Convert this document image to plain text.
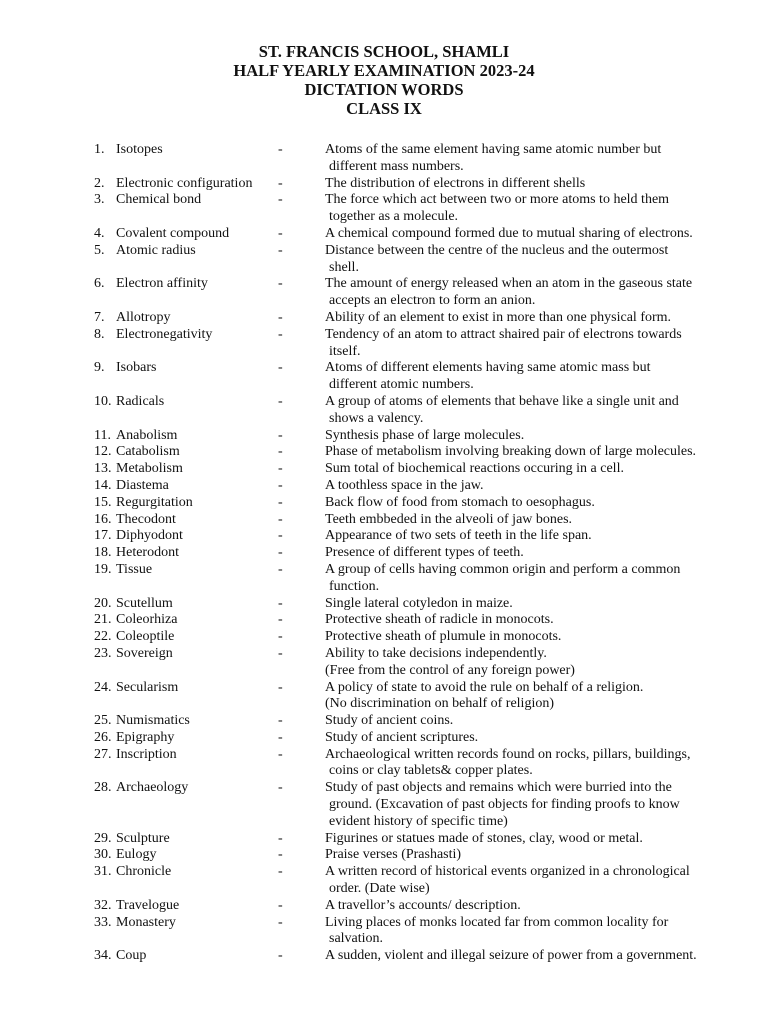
ST. FRANCIS SCHOOL, SHAMLI
HALF YEARLY EXAMINATION 2023-24
DICTATION WORDS
CLASS IX
1. Isotopes	-	Atoms of the same element having same atomic number but
different mass numbers.
2. Electronic configuration -	The distribution of electrons in different shells
3. Chemical bond	-	The force which act between two or more atoms to held them
together as a molecule.
4. Covalent compound	-	A chemical compound formed due to mutual sharing of electrons.
5. Atomic radius	-	Distance between the centre of the nucleus and the outermost
shell.
6. Electron affinity	-	The amount of energy released when an atom in the gaseous state
accepts an electron to form an anion.
7. Allotropy	-	Ability of an element to exist in more than one physical form.
8. Electronegativity	-	Tendency of an atom to attract shaired pair of electrons towards
itself.
9. Isobars	-	Atoms of different elements having same atomic mass but
different atomic numbers.
10. Radicals	-	A group of atoms of elements that behave like a single unit and
shows a valency.
11. Anabolism	-	Synthesis phase of large molecules.
12. Catabolism	-	Phase of metabolism involving breaking down of large molecules.
13. Metabolism	-	Sum total of biochemical reactions occuring in a cell.
14. Diastema	-	A toothless space in the jaw.
15. Regurgitation	-	Back flow of food from stomach to oesophagus.
16. Thecodont	-	Teeth embbeded in the alveoli of jaw bones.
17. Diphyodont	-	Appearance of two sets of teeth in the life span.
18. Heterodont	-	Presence of different types of teeth.
19. Tissue	-	A group of cells having common origin and perform a common
function.
20. Scutellum	-	Single lateral cotyledon in maize.
21. Coleorhiza	-	Protective sheath of radicle in monocots.
22. Coleoptile	-	Protective sheath of plumule in monocots.
23. Sovereign	-	Ability to take decisions independently.
(Free from the control of any foreign power)
24. Secularism	-	A policy of state to avoid the rule on behalf of a religion.
(No discrimination on behalf of religion)
25. Numismatics	-	Study of ancient coins.
26. Epigraphy	-	Study of ancient scriptures.
27. Inscription	-	Archaeological written records found on rocks, pillars, buildings,
coins or clay tablets& copper plates.
28. Archaeology	-	Study of past objects and remains which were burried into the
ground. (Excavation of past objects for finding proofs to know
evident history of specific time)
29. Sculpture	-	Figurines or statues made of stones, clay, wood or metal.
30. Eulogy	-	Praise verses (Prashasti)
31. Chronicle	-	A written record of historical events organized in a chronological
order. (Date wise)
32. Travelogue	-	A travellor’s accounts/ description.
33. Monastery	-	Living places of monks located far from common locality for
salvation.
34. Coup	-	A sudden, violent and illegal seizure of power from a government.
